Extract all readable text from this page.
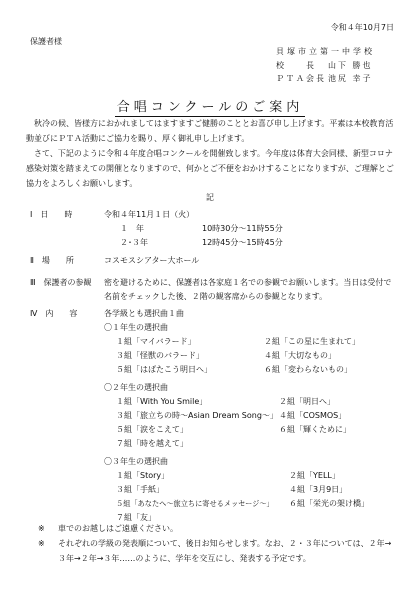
令和４年10月7日
保護者様
貝塚市立第一中学校
校　　長	山下 勝也
ＰＴＡ会長 池尻 幸子
合唱コンクールのご案内

秋冷の候、皆様方におかれましてはますますご健勝のこととお喜び申し上げます。平素は本校教育活動並びにＰＴＡ活動にご協力を賜り、厚く御礼申し上げます。

さて、下記のように令和４年度合唱コンクールを開催致します。今年度は体育大会同様、新型コロナ感染対策を踏まえての開催となりますので、何かとご不便をおかけすることになりますが、ご理解とご協力をよろしくお願いします。

記
Ⅰ　日　　時	令和４年11月１日（火）
１　年	10時30分～11時55分
２･３年	12時45分～15時45分
Ⅱ　場　　所	コスモスシアター大ホール
Ⅲ　保護者の参観 密を避けるために、保護者は各家庭１名での参観でお願いします。当日は受付で名前をチェックした後、２階の観客席からの参観となります。
Ⅳ　内　　容	各学級とも選択曲１曲
〇１年生の選択曲
１組「マイバラード」	２組「この星に生まれて」
３組「怪獣のバラード」	４組「大切なもの」
５組「はばたこう明日へ」	６組「変わらないもの」
〇２年生の選択曲
１組「With You Smile」	２組「明日へ」
３組「旅立ちの時～Asian Dream Song～」 ４組「COSMOS」
５組「涙をこえて」	６組「輝くために」
７組「時を越えて」
〇３年生の選択曲
１組「Story」	２組「YELL」
３組「手紙」	４組「3月9日」
５組「あなたへ～旅立ちに寄せるメッセージ～」 ６組「栄光の架け橋」
７組「友」
※	車でのお越しはご遠慮ください。
※	それぞれの学級の発表順について、後日お知らせします。なお、２・３年については、２年→３年→２年→３年……のように、学年を交互にし、発表する予定です。
